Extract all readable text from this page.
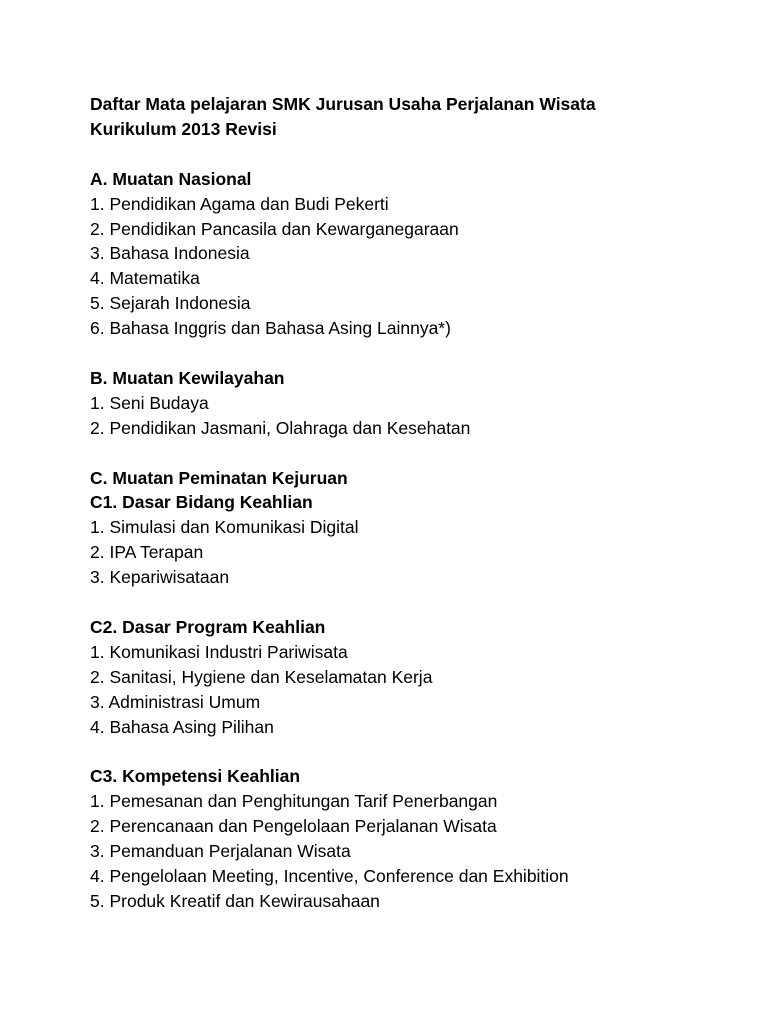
Daftar Mata pelajaran SMK Jurusan Usaha Perjalanan Wisata
Kurikulum 2013 Revisi
A. Muatan Nasional
1. Pendidikan Agama dan Budi Pekerti
2. Pendidikan Pancasila dan Kewarganegaraan
3. Bahasa Indonesia
4. Matematika
5. Sejarah Indonesia
6. Bahasa Inggris dan Bahasa Asing Lainnya*)
B. Muatan Kewilayahan
1. Seni Budaya
2. Pendidikan Jasmani, Olahraga dan Kesehatan
C. Muatan Peminatan Kejuruan
C1. Dasar Bidang Keahlian
1. Simulasi dan Komunikasi Digital
2. IPA Terapan
3. Kepariwisataan
C2. Dasar Program Keahlian
1. Komunikasi Industri Pariwisata
2. Sanitasi, Hygiene dan Keselamatan Kerja
3. Administrasi Umum
4. Bahasa Asing Pilihan
C3. Kompetensi Keahlian
1. Pemesanan dan Penghitungan Tarif Penerbangan
2. Perencanaan dan Pengelolaan Perjalanan Wisata
3. Pemanduan Perjalanan Wisata
4. Pengelolaan Meeting, Incentive, Conference dan Exhibition
5. Produk Kreatif dan Kewirausahaan
